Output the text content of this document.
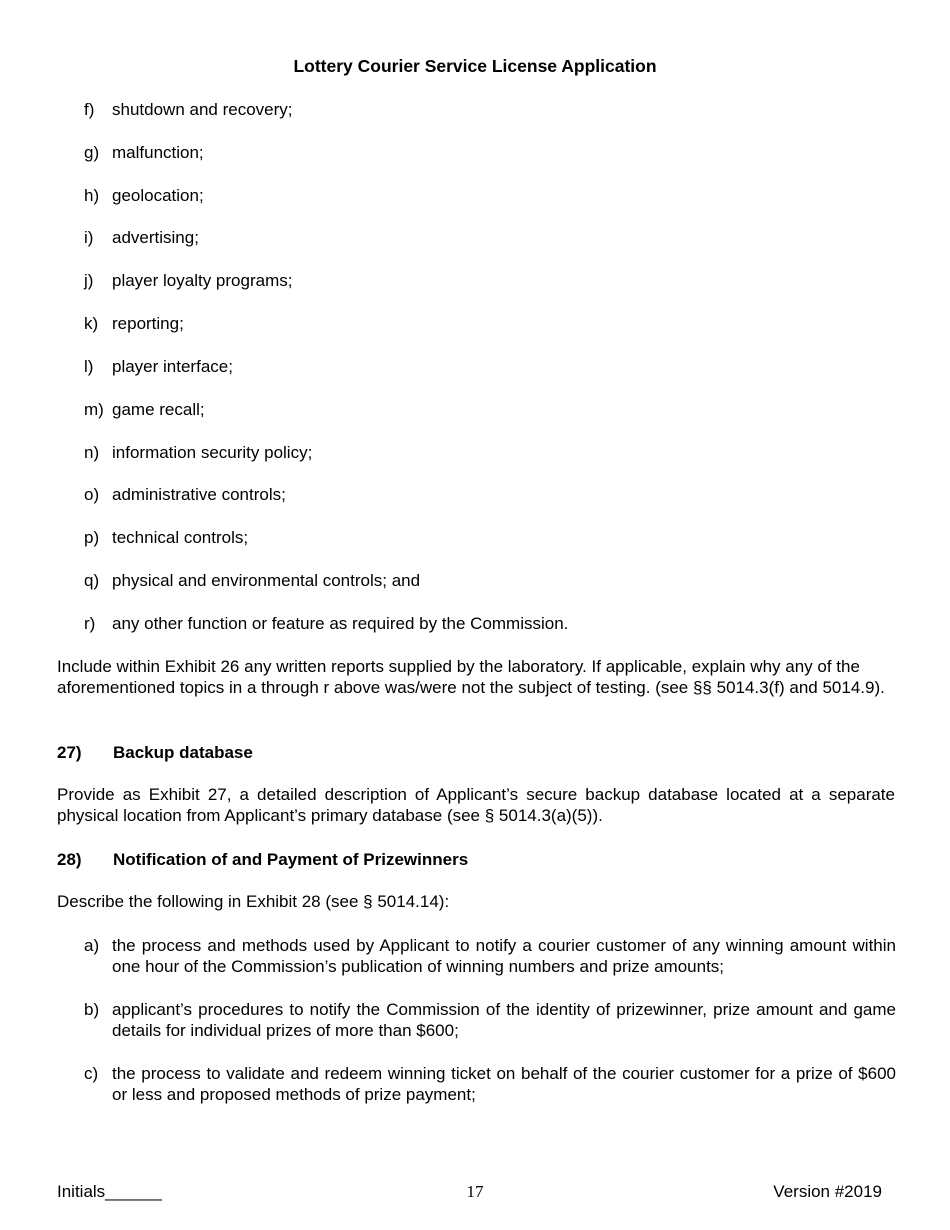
Lottery Courier Service License Application
f) shutdown and recovery;
g) malfunction;
h) geolocation;
i) advertising;
j) player loyalty programs;
k) reporting;
l) player interface;
m) game recall;
n) information security policy;
o) administrative controls;
p) technical controls;
q) physical and environmental controls; and
r) any other function or feature as required by the Commission.
Include within Exhibit 26 any written reports supplied by the laboratory. If applicable, explain why any of the aforementioned topics in a through r above was/were not the subject of testing. (see §§ 5014.3(f) and 5014.9).
27) Backup database
Provide as Exhibit 27, a detailed description of Applicant’s secure backup database located at a separate physical location from Applicant’s primary database (see § 5014.3(a)(5)).
28) Notification of and Payment of Prizewinners
Describe the following in Exhibit 28 (see § 5014.14):
a) the process and methods used by Applicant to notify a courier customer of any winning amount within one hour of the Commission’s publication of winning numbers and prize amounts;
b) applicant’s procedures to notify the Commission of the identity of prizewinner, prize amount and game details for individual prizes of more than $600;
c) the process to validate and redeem winning ticket on behalf of the courier customer for a prize of $600 or less and proposed methods of prize payment;
Initials______	17	Version #2019
